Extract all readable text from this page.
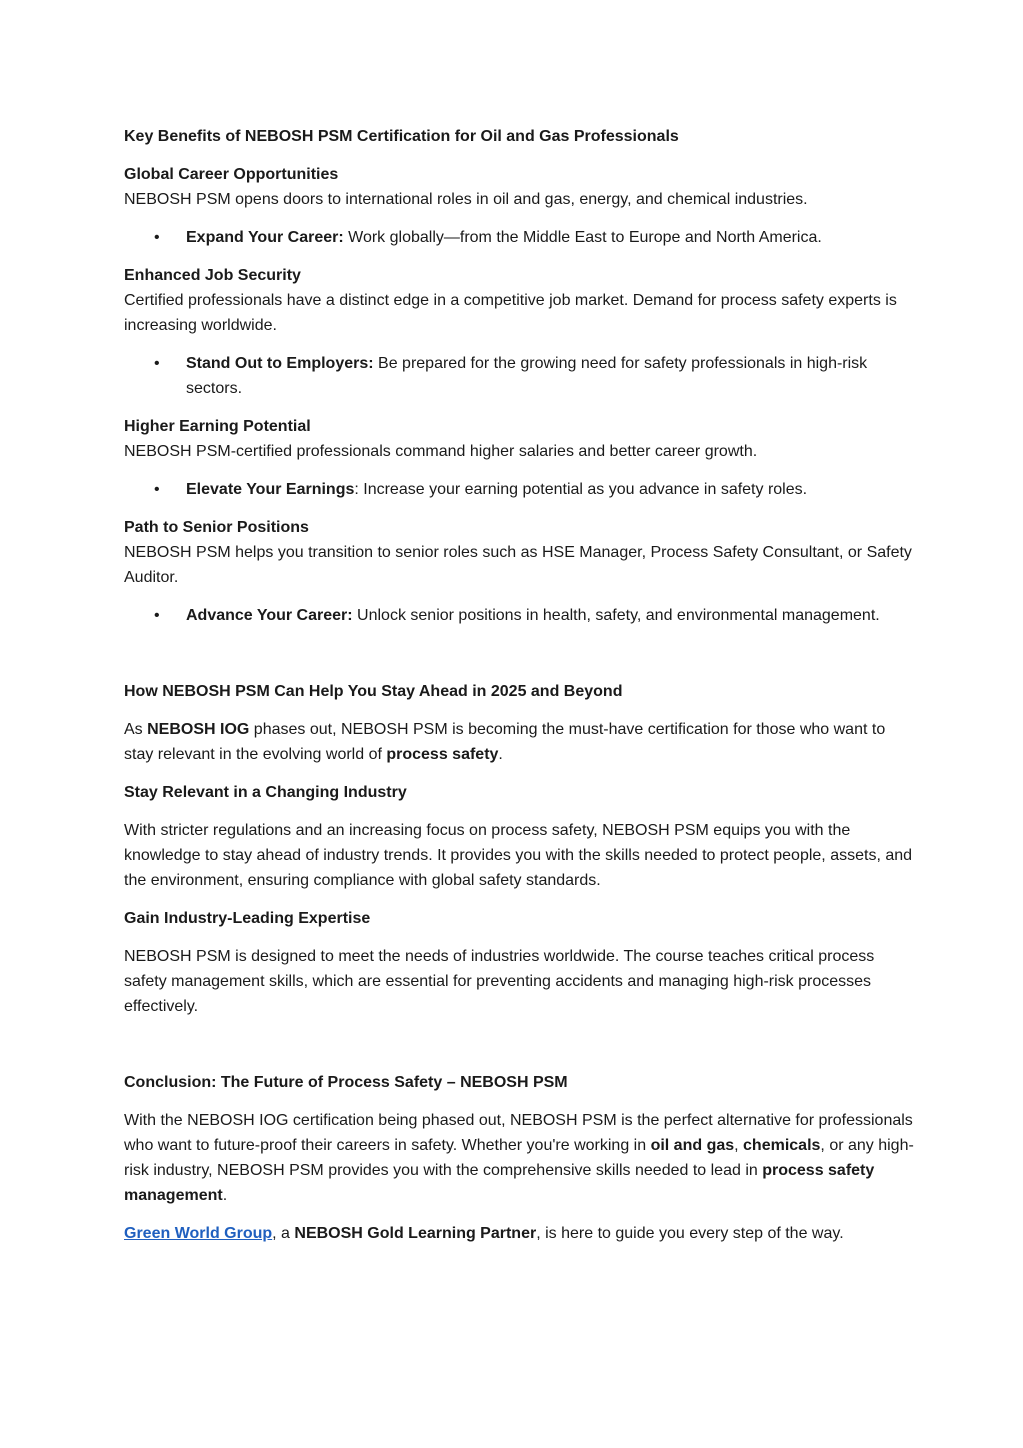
Key Benefits of NEBOSH PSM Certification for Oil and Gas Professionals
Global Career Opportunities
NEBOSH PSM opens doors to international roles in oil and gas, energy, and chemical industries.
• Expand Your Career: Work globally—from the Middle East to Europe and North America.
Enhanced Job Security
Certified professionals have a distinct edge in a competitive job market. Demand for process safety experts is increasing worldwide.
• Stand Out to Employers: Be prepared for the growing need for safety professionals in high-risk sectors.
Higher Earning Potential
NEBOSH PSM-certified professionals command higher salaries and better career growth.
• Elevate Your Earnings: Increase your earning potential as you advance in safety roles.
Path to Senior Positions
NEBOSH PSM helps you transition to senior roles such as HSE Manager, Process Safety Consultant, or Safety Auditor.
• Advance Your Career: Unlock senior positions in health, safety, and environmental management.
How NEBOSH PSM Can Help You Stay Ahead in 2025 and Beyond
As NEBOSH IOG phases out, NEBOSH PSM is becoming the must-have certification for those who want to stay relevant in the evolving world of process safety.
Stay Relevant in a Changing Industry
With stricter regulations and an increasing focus on process safety, NEBOSH PSM equips you with the knowledge to stay ahead of industry trends. It provides you with the skills needed to protect people, assets, and the environment, ensuring compliance with global safety standards.
Gain Industry-Leading Expertise
NEBOSH PSM is designed to meet the needs of industries worldwide. The course teaches critical process safety management skills, which are essential for preventing accidents and managing high-risk processes effectively.
Conclusion: The Future of Process Safety – NEBOSH PSM
With the NEBOSH IOG certification being phased out, NEBOSH PSM is the perfect alternative for professionals who want to future-proof their careers in safety. Whether you're working in oil and gas, chemicals, or any high-risk industry, NEBOSH PSM provides you with the comprehensive skills needed to lead in process safety management.
Green World Group, a NEBOSH Gold Learning Partner, is here to guide you every step of the way.
